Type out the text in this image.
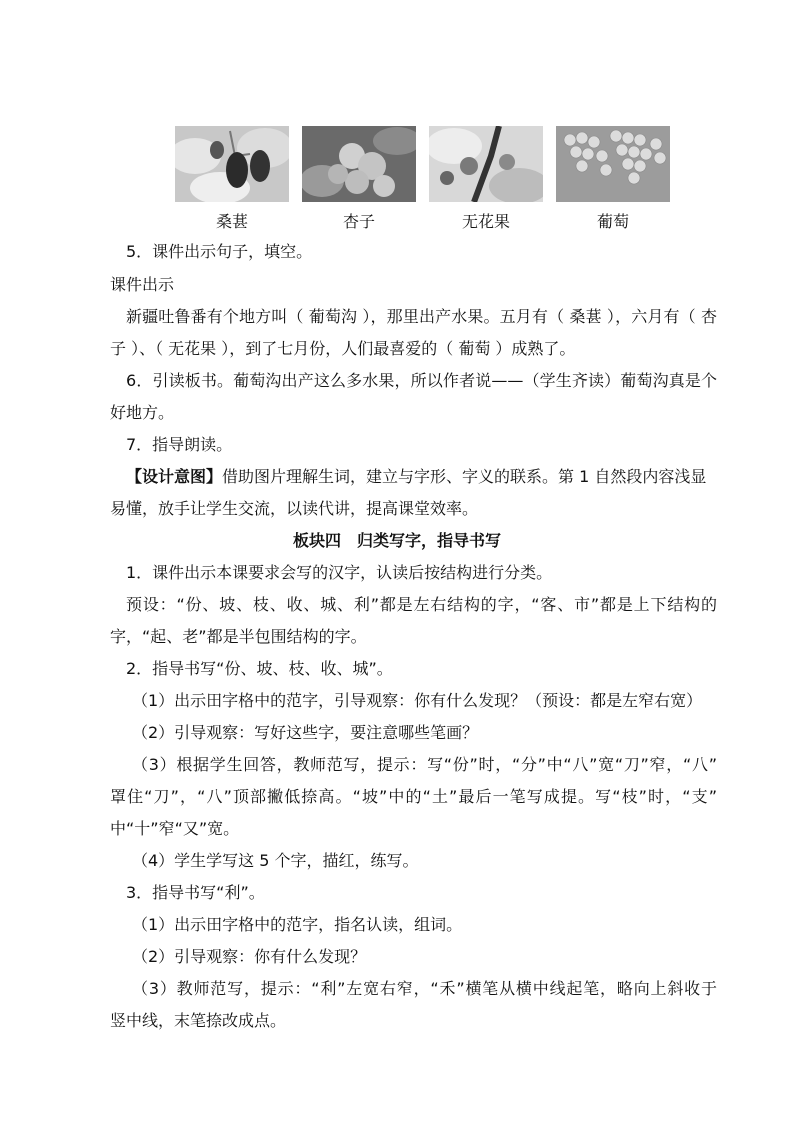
桑葚	杏子	无花果	葡萄
5．课件出示句子，填空。
课件出示
新疆吐鲁番有个地方叫（ 葡萄沟 ），那里出产水果。五月有（ 桑葚 ），六月有（ 杏
子 ）、（ 无花果 ），到了七月份，人们最喜爱的（ 葡萄 ）成熟了。
6．引读板书。葡萄沟出产这么多水果，所以作者说——（学生齐读）葡萄沟真是个
好地方。
7．指导朗读。
【设计意图】借助图片理解生词，建立与字形、字义的联系。第 1 自然段内容浅显
易懂，放手让学生交流，以读代讲，提高课堂效率。
板块四　归类写字，指导书写
1．课件出示本课要求会写的汉字，认读后按结构进行分类。
预设：“份、坡、枝、收、城、利”都是左右结构的字，“客、市”都是上下结构的
字，“起、老”都是半包围结构的字。
2．指导书写“份、坡、枝、收、城”。
（1）出示田字格中的范字，引导观察：你有什么发现？（预设：都是左窄右宽）
（2）引导观察：写好这些字，要注意哪些笔画？
（3）根据学生回答，教师范写，提示：写“份”时，“分”中“八”宽“刀”窄，“八”
罩住“刀”，“八”顶部撇低捺高。“坡”中的“土”最后一笔写成提。写“枝”时，“支”
中“十”窄“又”宽。
（4）学生学写这 5 个字，描红，练写。
3．指导书写“利”。
（1）出示田字格中的范字，指名认读，组词。
（2）引导观察：你有什么发现？
（3）教师范写，提示：“利”左宽右窄，“禾”横笔从横中线起笔，略向上斜收于
竖中线，末笔捺改成点。
